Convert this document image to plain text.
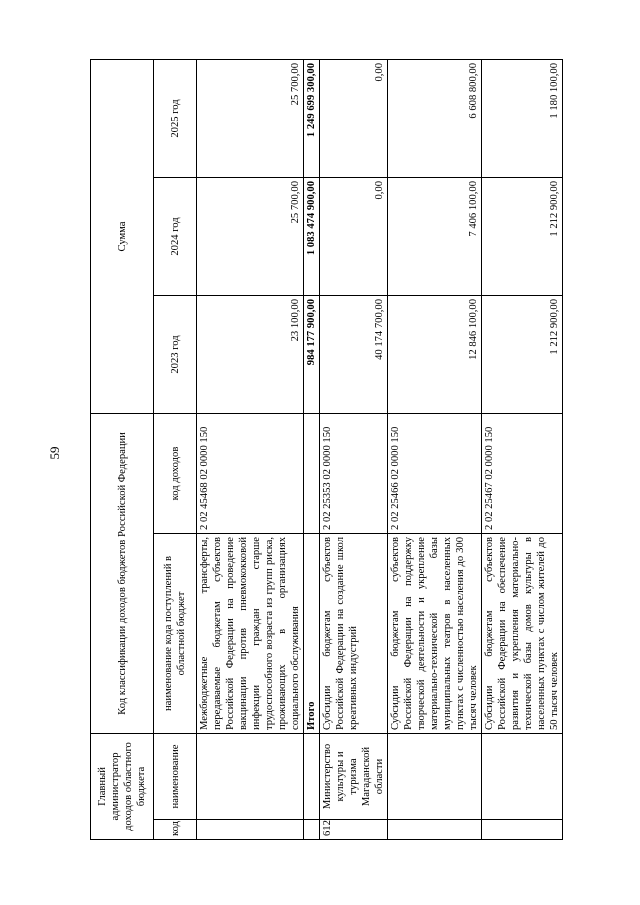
59
Главный администратор доходов областного бюджета		Код классификации доходов бюджетов Российской Федерации		Сумма		
				2023 год	2024 год	2025 год
код	наименование	наименование кода поступлений в областной бюджет	код доходов			
		Межбюджетные трансферты, передаваемые бюджетам субъектов Российской Федерации на проведение вакцинации против пневмококковой инфекции граждан старше трудоспособного возраста из групп риска, проживающих в организациях социального обслуживания	2 02 45468 02 0000 150	23 100,00	25 700,00	25 700,00
		Итого		984 177 900,00	1 083 474 900,00	1 249 699 300,00
612	Министерство культуры и туризма Магаданской области	Субсидии бюджетам субъектов Российской Федерации на создание школ креативных индустрий	2 02 25353 02 0000 150	40 174 700,00	0,00	0,00
		Субсидии бюджетам субъектов Российской Федерации на поддержку творческой деятельности и укрепление материально-технической базы муниципальных театров в населенных пунктах с численностью населения до 300 тысяч человек	2 02 25466 02 0000 150	12 846 100,00	7 406 100,00	6 608 800,00
		Субсидии бюджетам субъектов Российской Федерации на обеспечение развития и укрепления материально-технической базы домов культуры в населенных пунктах с числом жителей до 50 тысяч человек	2 02 25467 02 0000 150	1 212 900,00	1 212 900,00	1 180 100,00
